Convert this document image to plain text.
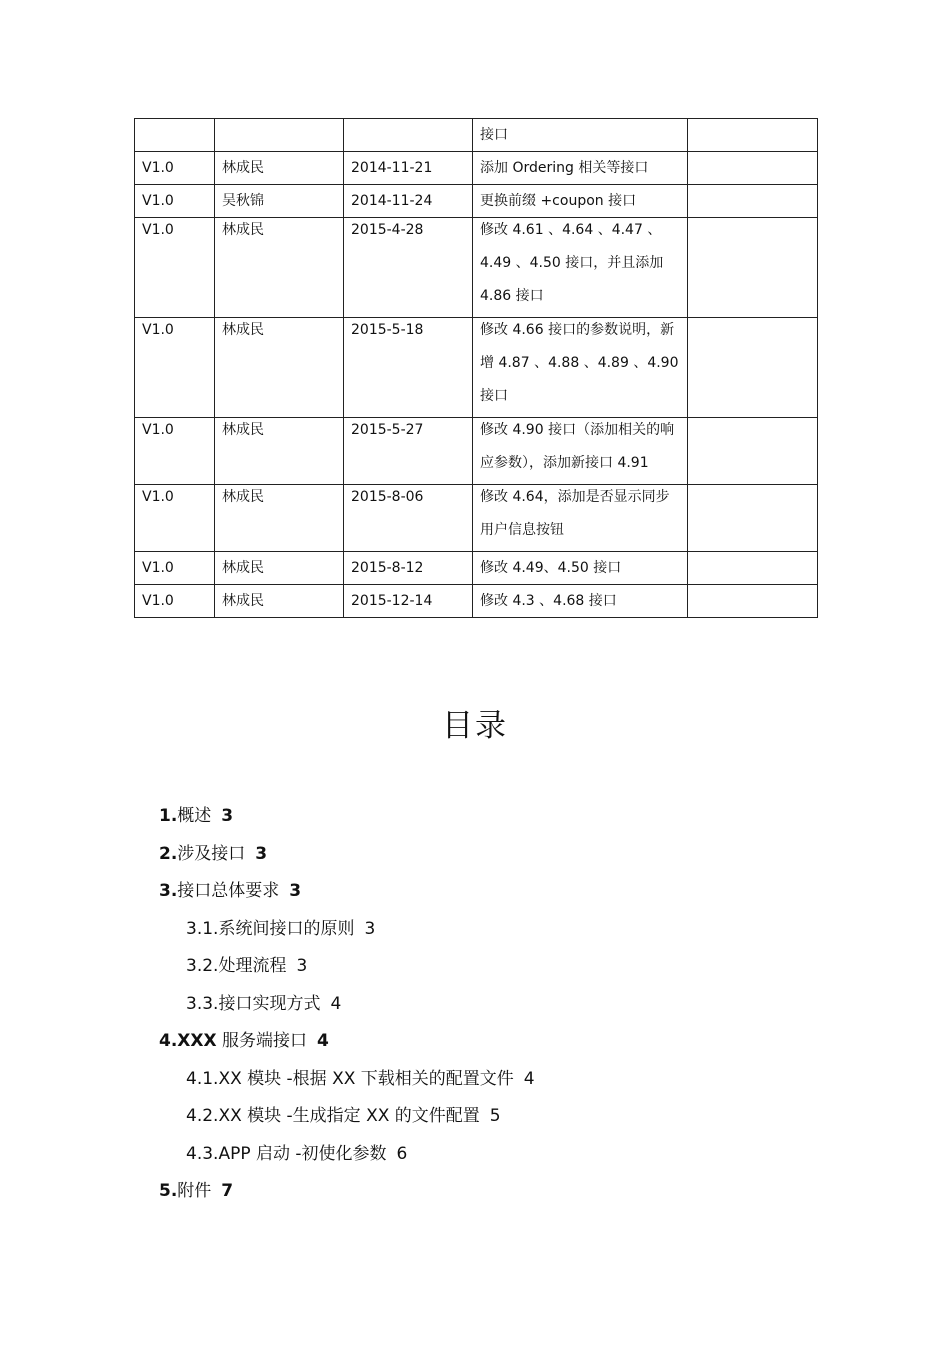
			接口	

V1.0	林成民	2014-11-21	添加 Ordering 相关等接口	

V1.0	吴秋锦	2014-11-24	更换前缀 +coupon 接口	

V1.0	林成民	2015-4-28	修改 4.61 、4.64 、4.47 、4.49 、4.50 接口，并且添加 4.86 接口	

V1.0	林成民	2015-5-18	修改 4.66 接口的参数说明，新增 4.87 、4.88 、4.89 、4.90 接口	

V1.0	林成民	2015-5-27	修改 4.90 接口（添加相关的响应参数），添加新接口 4.91	

V1.0	林成民	2015-8-06	修改 4.64，添加是否显示同步用户信息按钮	

V1.0	林成民	2015-8-12	修改 4.49、4.50 接口	

V1.0	林成民	2015-12-14	修改 4.3 、4.68 接口	

目录
1.概述 3
2.涉及接口 3
3.接口总体要求 3
3.1.系统间接口的原则 3
3.2.处理流程 3
3.3.接口实现方式 4
4.XXX 服务端接口 4
4.1.XX 模块 -根据 XX 下载相关的配置文件 4
4.2.XX 模块 -生成指定 XX 的文件配置 5
4.3.APP 启动 -初使化参数 6
5.附件 7
